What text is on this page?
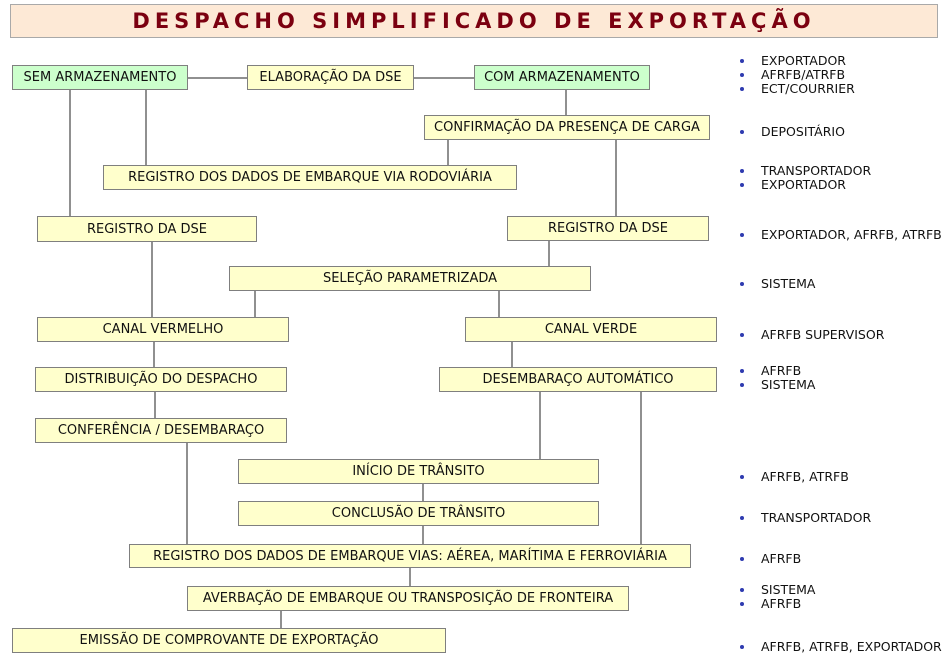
DESPACHO SIMPLIFICADO DE EXPORTAÇÃO
SEM ARMAZENAMENTO	ELABORAÇÃO DA DSE	COM ARMAZENAMENTO
CONFIRMAÇÃO DA PRESENÇA DE CARGA
REGISTRO DOS DADOS DE EMBARQUE VIA RODOVIÁRIA
REGISTRO DA DSE	REGISTRO DA DSE
SELEÇÃO PARAMETRIZADA
CANAL VERMELHO	CANAL VERDE
DISTRIBUIÇÃO DO DESPACHO	DESEMBARAÇO AUTOMÁTICO
CONFERÊNCIA / DESEMBARAÇO
INÍCIO DE TRÂNSITO
CONCLUSÃO DE TRÂNSITO
REGISTRO DOS DADOS DE EMBARQUE VIAS: AÉREA, MARÍTIMA E FERROVIÁRIA
AVERBAÇÃO DE EMBARQUE OU TRANSPOSIÇÃO DE FRONTEIRA
EMISSÃO DE COMPROVANTE DE EXPORTAÇÃO
EXPORTADOR
AFRFB/ATRFB
ECT/COURRIER
DEPOSITÁRIO
TRANSPORTADOR
EXPORTADOR
EXPORTADOR, AFRFB, ATRFB
SISTEMA
AFRFB SUPERVISOR
AFRFB
SISTEMA
AFRFB, ATRFB
TRANSPORTADOR
AFRFB
SISTEMA
AFRFB
AFRFB, ATRFB, EXPORTADOR
